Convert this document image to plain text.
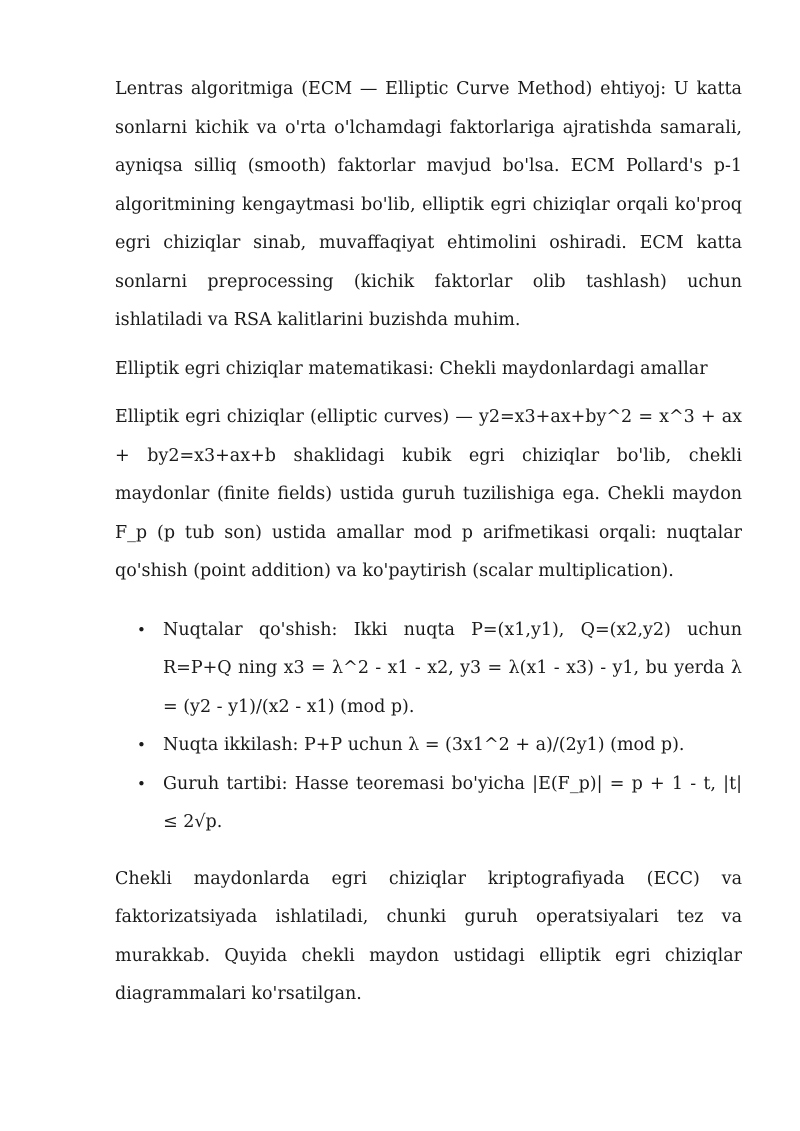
Lentras algoritmiga (ECM — Elliptic Curve Method) ehtiyoj: U katta sonlarni kichik va o'rta o'lchamdagi faktorlariga ajratishda samarali, ayniqsa silliq (smooth) faktorlar mavjud bo'lsa. ECM Pollard's p-1 algoritmining kengaytmasi bo'lib, elliptik egri chiziqlar orqali ko'proq egri chiziqlar sinab, muvaffaqiyat ehtimolini oshiradi. ECM katta sonlarni preprocessing (kichik faktorlar olib tashlash) uchun ishlatiladi va RSA kalitlarini buzishda muhim.

Elliptik egri chiziqlar matematikasi: Chekli maydonlardagi amallar

Elliptik egri chiziqlar (elliptic curves) — y2=x3+ax+by^2 = x^3 + ax + by2=x3+ax+b shaklidagi kubik egri chiziqlar bo'lib, chekli maydonlar (finite fields) ustida guruh tuzilishiga ega. Chekli maydon F_p (p tub son) ustida amallar mod p arifmetikasi orqali: nuqtalar qo'shish (point addition) va ko'paytirish (scalar multiplication).

• Nuqtalar qo'shish: Ikki nuqta P=(x1,y1), Q=(x2,y2) uchun R=P+Q ning x3 = λ^2 - x1 - x2, y3 = λ(x1 - x3) - y1, bu yerda λ = (y2 - y1)/(x2 - x1) (mod p).
• Nuqta ikkilash: P+P uchun λ = (3x1^2 + a)/(2y1) (mod p).
• Guruh tartibi: Hasse teoremasi bo'yicha |E(F_p)| = p + 1 - t, |t| ≤ 2√p.

Chekli maydonlarda egri chiziqlar kriptografiyada (ECC) va faktorizatsiyada ishlatiladi, chunki guruh operatsiyalari tez va murakkab. Quyida chekli maydon ustidagi elliptik egri chiziqlar diagrammalari ko'rsatilgan.
